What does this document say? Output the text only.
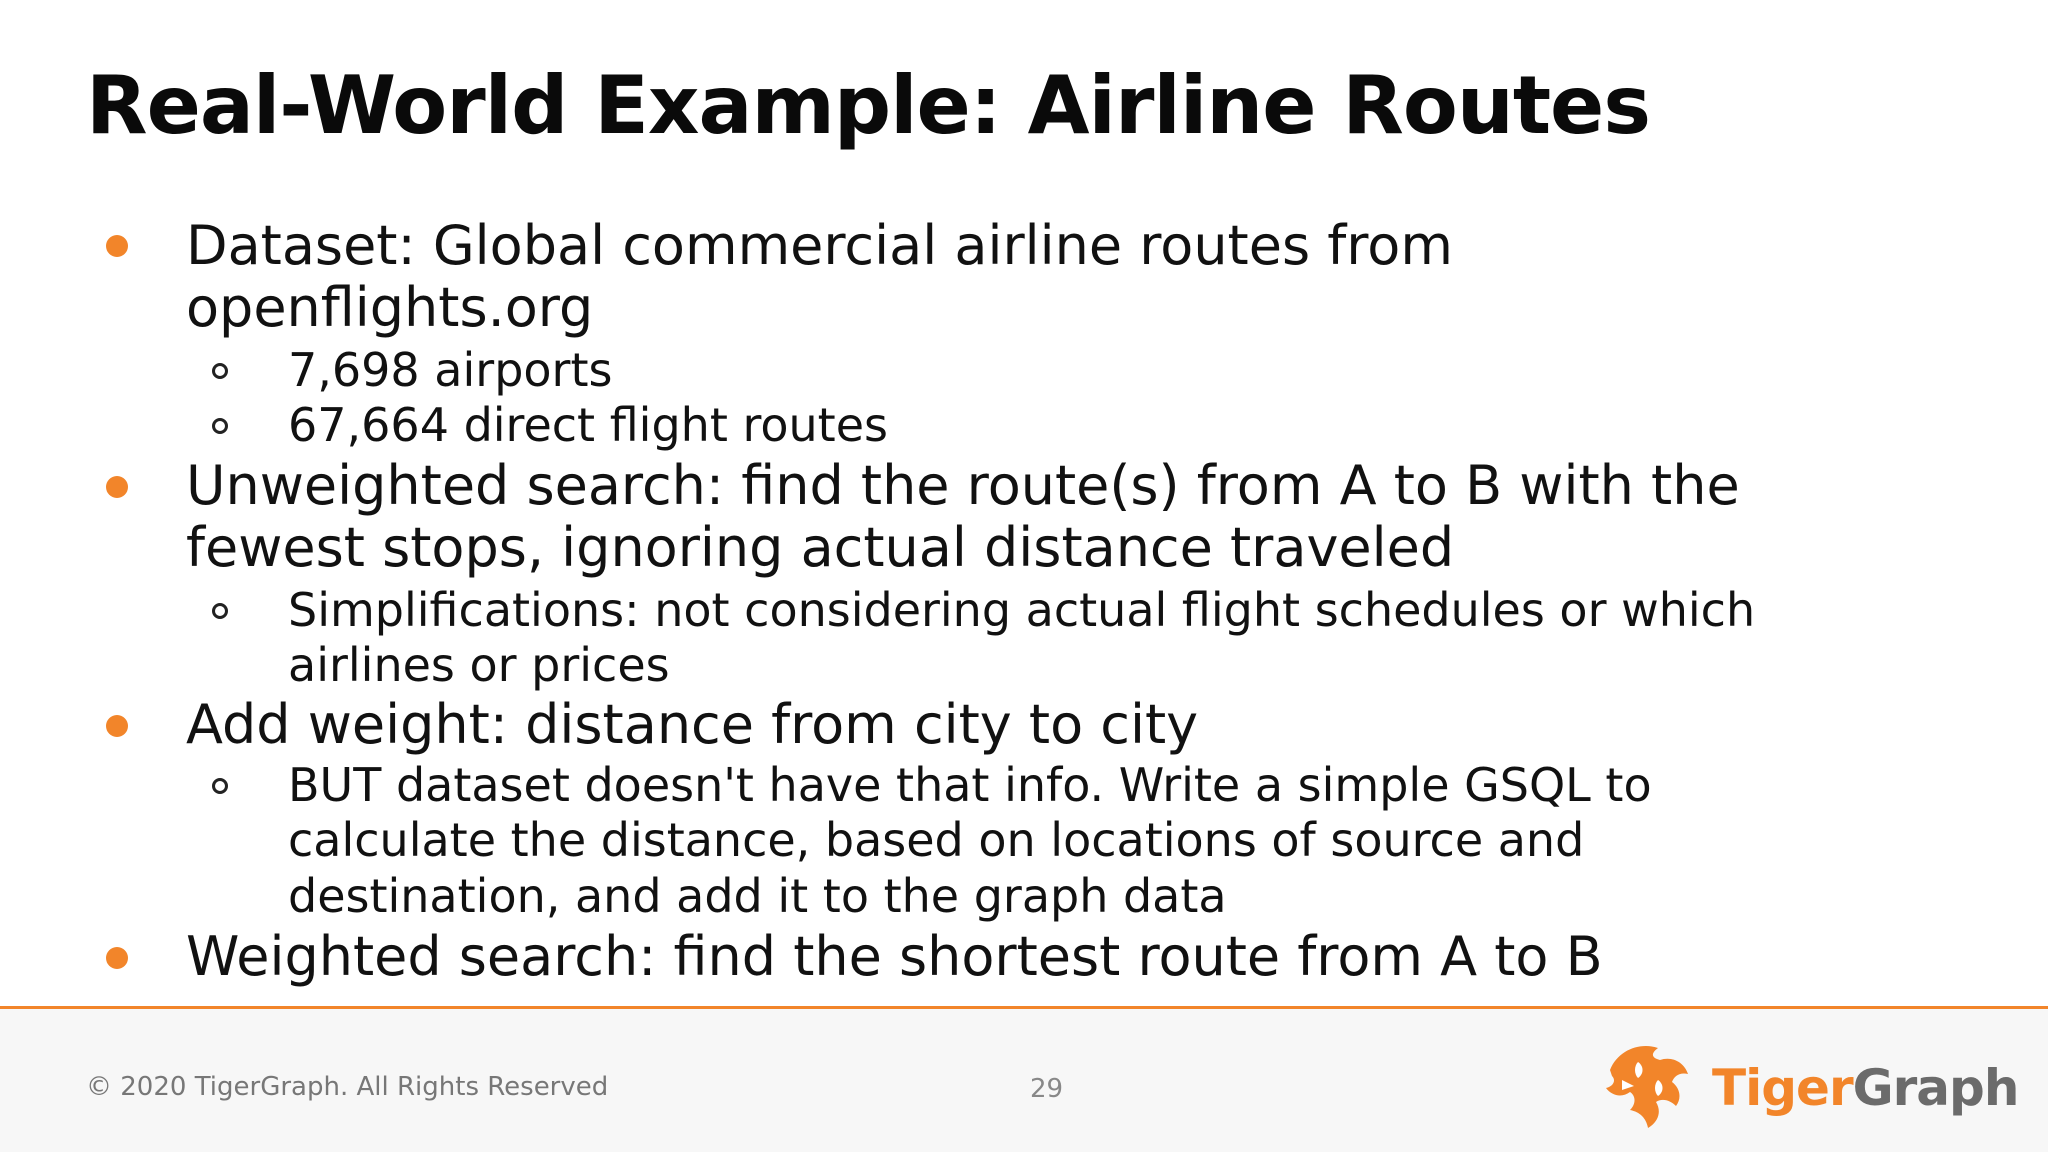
Real-World Example: Airline Routes
Dataset: Global commercial airline routes from
openflights.org
7,698 airports
67,664 direct flight routes
Unweighted search: find the route(s) from A to B with the
fewest stops, ignoring actual distance traveled
Simplifications: not considering actual flight schedules or which
airlines or prices
Add weight: distance from city to city
BUT dataset doesn't have that info. Write a simple GSQL to
calculate the distance, based on locations of source and
destination, and add it to the graph data
Weighted search: find the shortest route from A to B
© 2020 TigerGraph. All Rights Reserved	29	TigerGraph
